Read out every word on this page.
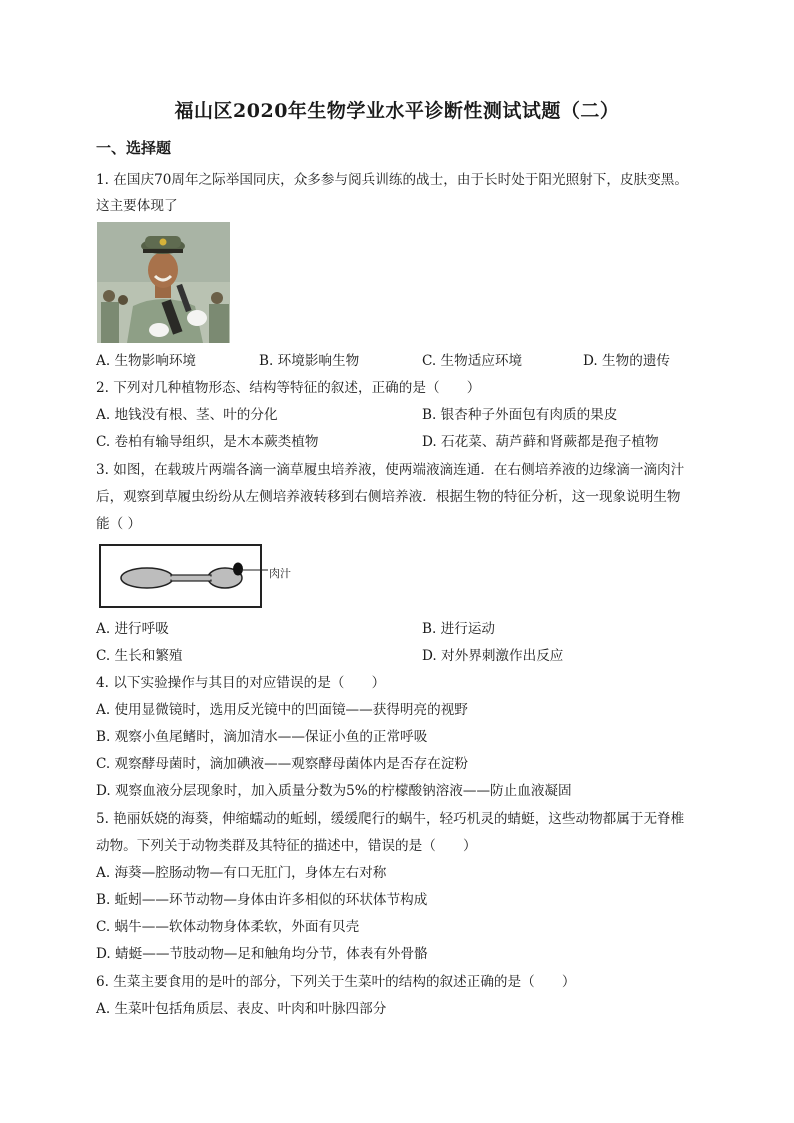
福山区2020年生物学业水平诊断性测试试题（二）
一、选择题
1. 在国庆70周年之际举国同庆，众多参与阅兵训练的战士，由于长时处于阳光照射下，皮肤变黑。
这主要体现了
A. 生物影响环境	B. 环境影响生物	C. 生物适应环境	D. 生物的遗传
2. 下列对几种植物形态、结构等特征的叙述，正确的是（　　）
A. 地钱没有根、茎、叶的分化	B. 银杏种子外面包有肉质的果皮
C. 卷柏有输导组织，是木本蕨类植物	D. 石花菜、葫芦藓和肾蕨都是孢子植物
3. 如图，在载玻片两端各滴一滴草履虫培养液，使两端液滴连通．在右侧培养液的边缘滴一滴肉汁
后，观察到草履虫纷纷从左侧培养液转移到右侧培养液．根据生物的特征分析，这一现象说明生物
能（ ）
肉汁
A. 进行呼吸	B. 进行运动
C. 生长和繁殖	D. 对外界刺激作出反应
4. 以下实验操作与其目的对应错误的是（　　）
A. 使用显微镜时，选用反光镜中的凹面镜——获得明亮的视野
B. 观察小鱼尾鳍时，滴加清水——保证小鱼的正常呼吸
C. 观察酵母菌时，滴加碘液——观察酵母菌体内是否存在淀粉
D. 观察血液分层现象时，加入质量分数为5%的柠檬酸钠溶液——防止血液凝固
5. 艳丽妖娆的海葵，伸缩蠕动的蚯蚓，缓缓爬行的蜗牛，轻巧机灵的蜻蜓，这些动物都属于无脊椎
动物。下列关于动物类群及其特征的描述中，错误的是（　　）
A. 海葵—腔肠动物—有口无肛门，身体左右对称
B. 蚯蚓——环节动物—身体由许多相似的环状体节构成
C. 蜗牛——软体动物身体柔软，外面有贝壳
D. 蜻蜓——节肢动物—足和触角均分节，体表有外骨骼
6. 生菜主要食用的是叶的部分，下列关于生菜叶的结构的叙述正确的是（　　）
A. 生菜叶包括角质层、表皮、叶肉和叶脉四部分
